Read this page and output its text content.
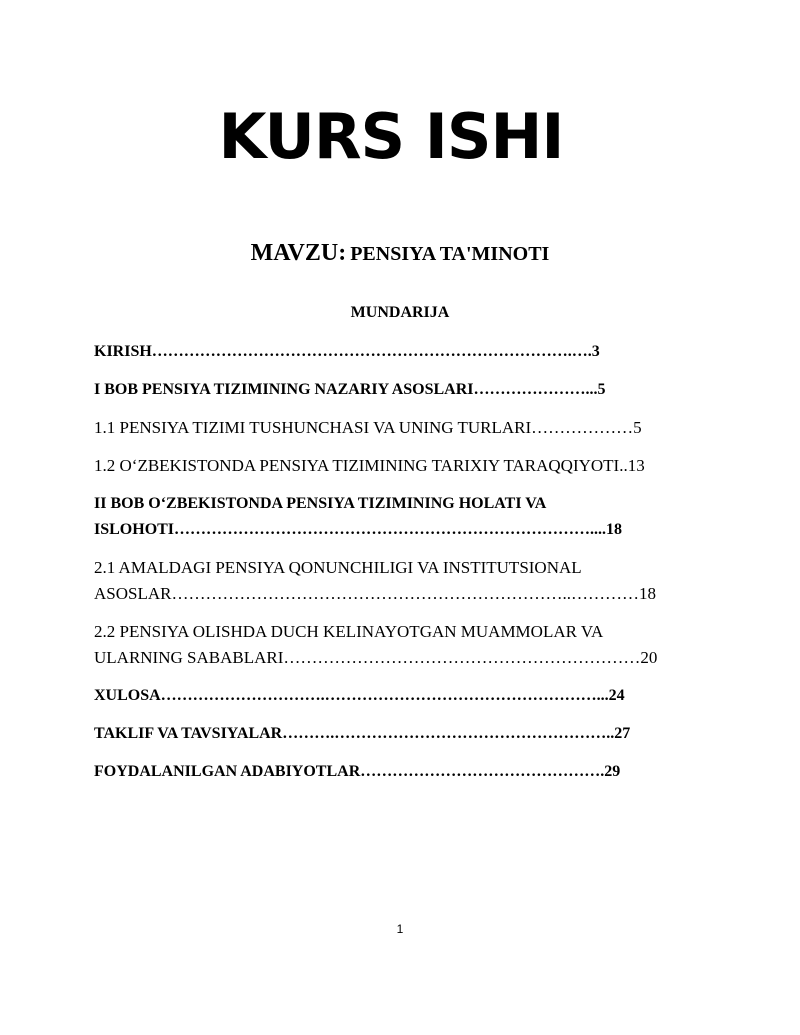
KURS ISHI
MAVZU: PENSIYA TA'MINOTI
MUNDARIJA
KIRISH…………………………………………………………………….….3
I BOB PENSIYA TIZIMINING NAZARIY ASOSLARI…………………...5
1.1 PENSIYA TIZIMI TUSHUNCHASI VA UNING TURLARI………………5
1.2 O‘ZBEKISTONDA PENSIYA TIZIMINING TARIXIY TARAQQIYOTI..13
II BOB O‘ZBEKISTONDA PENSIYA TIZIMINING HOLATI VA
ISLOHOTI……………………………………………………………………....18
2.1 AMALDAGI PENSIYA QONUNCHILIGI VA INSTITUTSIONAL
ASOSLAR……………………………………………………………..…………18
2.2 PENSIYA OLISHDA DUCH KELINAYOTGAN MUAMMOLAR VA
ULARNING SABABLARI………………………………………………………20
XULOSA………………………….……………………………………………...24
TAKLIF VA TAVSIYALAR……….……………………………………………..27
FOYDALANILGAN ADABIYOTLAR……………………………………….29
1
